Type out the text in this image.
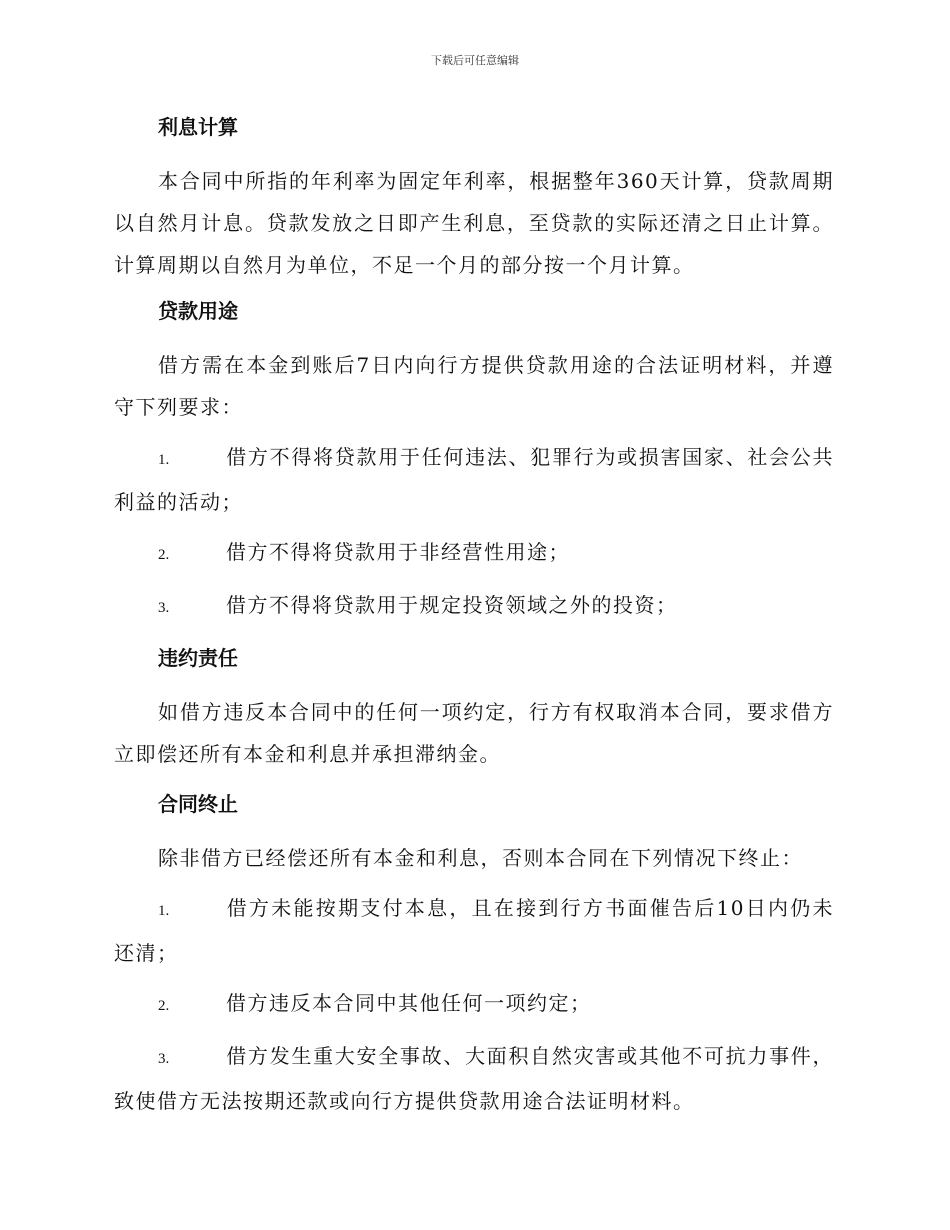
下载后可任意编辑

利息计算

本合同中所指的年利率为固定年利率，根据整年360天计算，贷款周期以自然月计息。贷款发放之日即产生利息，至贷款的实际还清之日止计算。计算周期以自然月为单位，不足一个月的部分按一个月计算。

贷款用途

借方需在本金到账后7日内向行方提供贷款用途的合法证明材料，并遵守下列要求：

1.	借方不得将贷款用于任何违法、犯罪行为或损害国家、社会公共利益的活动；

2.	借方不得将贷款用于非经营性用途；

3.	借方不得将贷款用于规定投资领域之外的投资；

违约责任

如借方违反本合同中的任何一项约定，行方有权取消本合同，要求借方立即偿还所有本金和利息并承担滞纳金。

合同终止

除非借方已经偿还所有本金和利息，否则本合同在下列情况下终止：

1.	借方未能按期支付本息，且在接到行方书面催告后10日内仍未还清；

2.	借方违反本合同中其他任何一项约定；

3.	借方发生重大安全事故、大面积自然灾害或其他不可抗力事件，致使借方无法按期还款或向行方提供贷款用途合法证明材料。
